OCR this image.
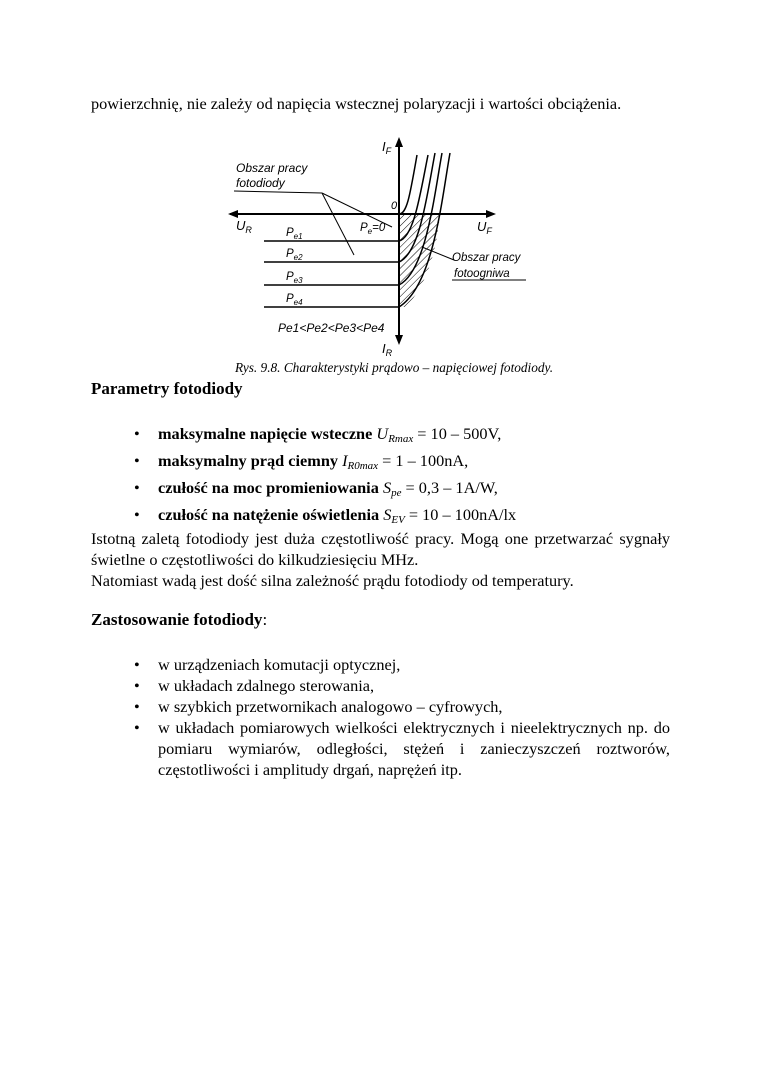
powierzchnię, nie zależy od napięcia wstecznej polaryzacji i wartości obciążenia.
Obszar pracy
fotodiody
Obszar pracy
fotoogniwa
$I_F$
$I_R$
$U_R$	$U_F$
0
$P_e=0$
$P_{e1}$
$P_{e2}$
$P_{e3}$
$P_{e4}$
Pe1<Pe2<Pe3<Pe4
Rys. 9.8. Charakterystyki prądowo – napięciowej fotodiody.
Parametry fotodiody
• maksymalne napięcie wsteczne $U_{Rmax} = 10 - 500V$,
• maksymalny prąd ciemny $I_{R0max} = 1 - 100nA$,
• czułość na moc promieniowania $S_{pe} = 0,3 - 1A/W$,
• czułość na natężenie oświetlenia $S_{EV} = 10 - 100nA/lx$
Istotną zaletą fotodiody jest duża częstotliwość pracy. Mogą one przetwarzać sygnały świetlne o częstotliwości do kilkudziesięciu MHz.
Natomiast wadą jest dość silna zależność prądu fotodiody od temperatury.
Zastosowanie fotodiody:
• w urządzeniach komutacji optycznej,
• w układach zdalnego sterowania,
• w szybkich przetwornikach analogowo – cyfrowych,
• w układach pomiarowych wielkości elektrycznych i nieelektrycznych np. do pomiaru wymiarów, odległości, stężeń i zanieczyszczeń roztworów, częstotliwości i amplitudy drgań, naprężeń itp.
